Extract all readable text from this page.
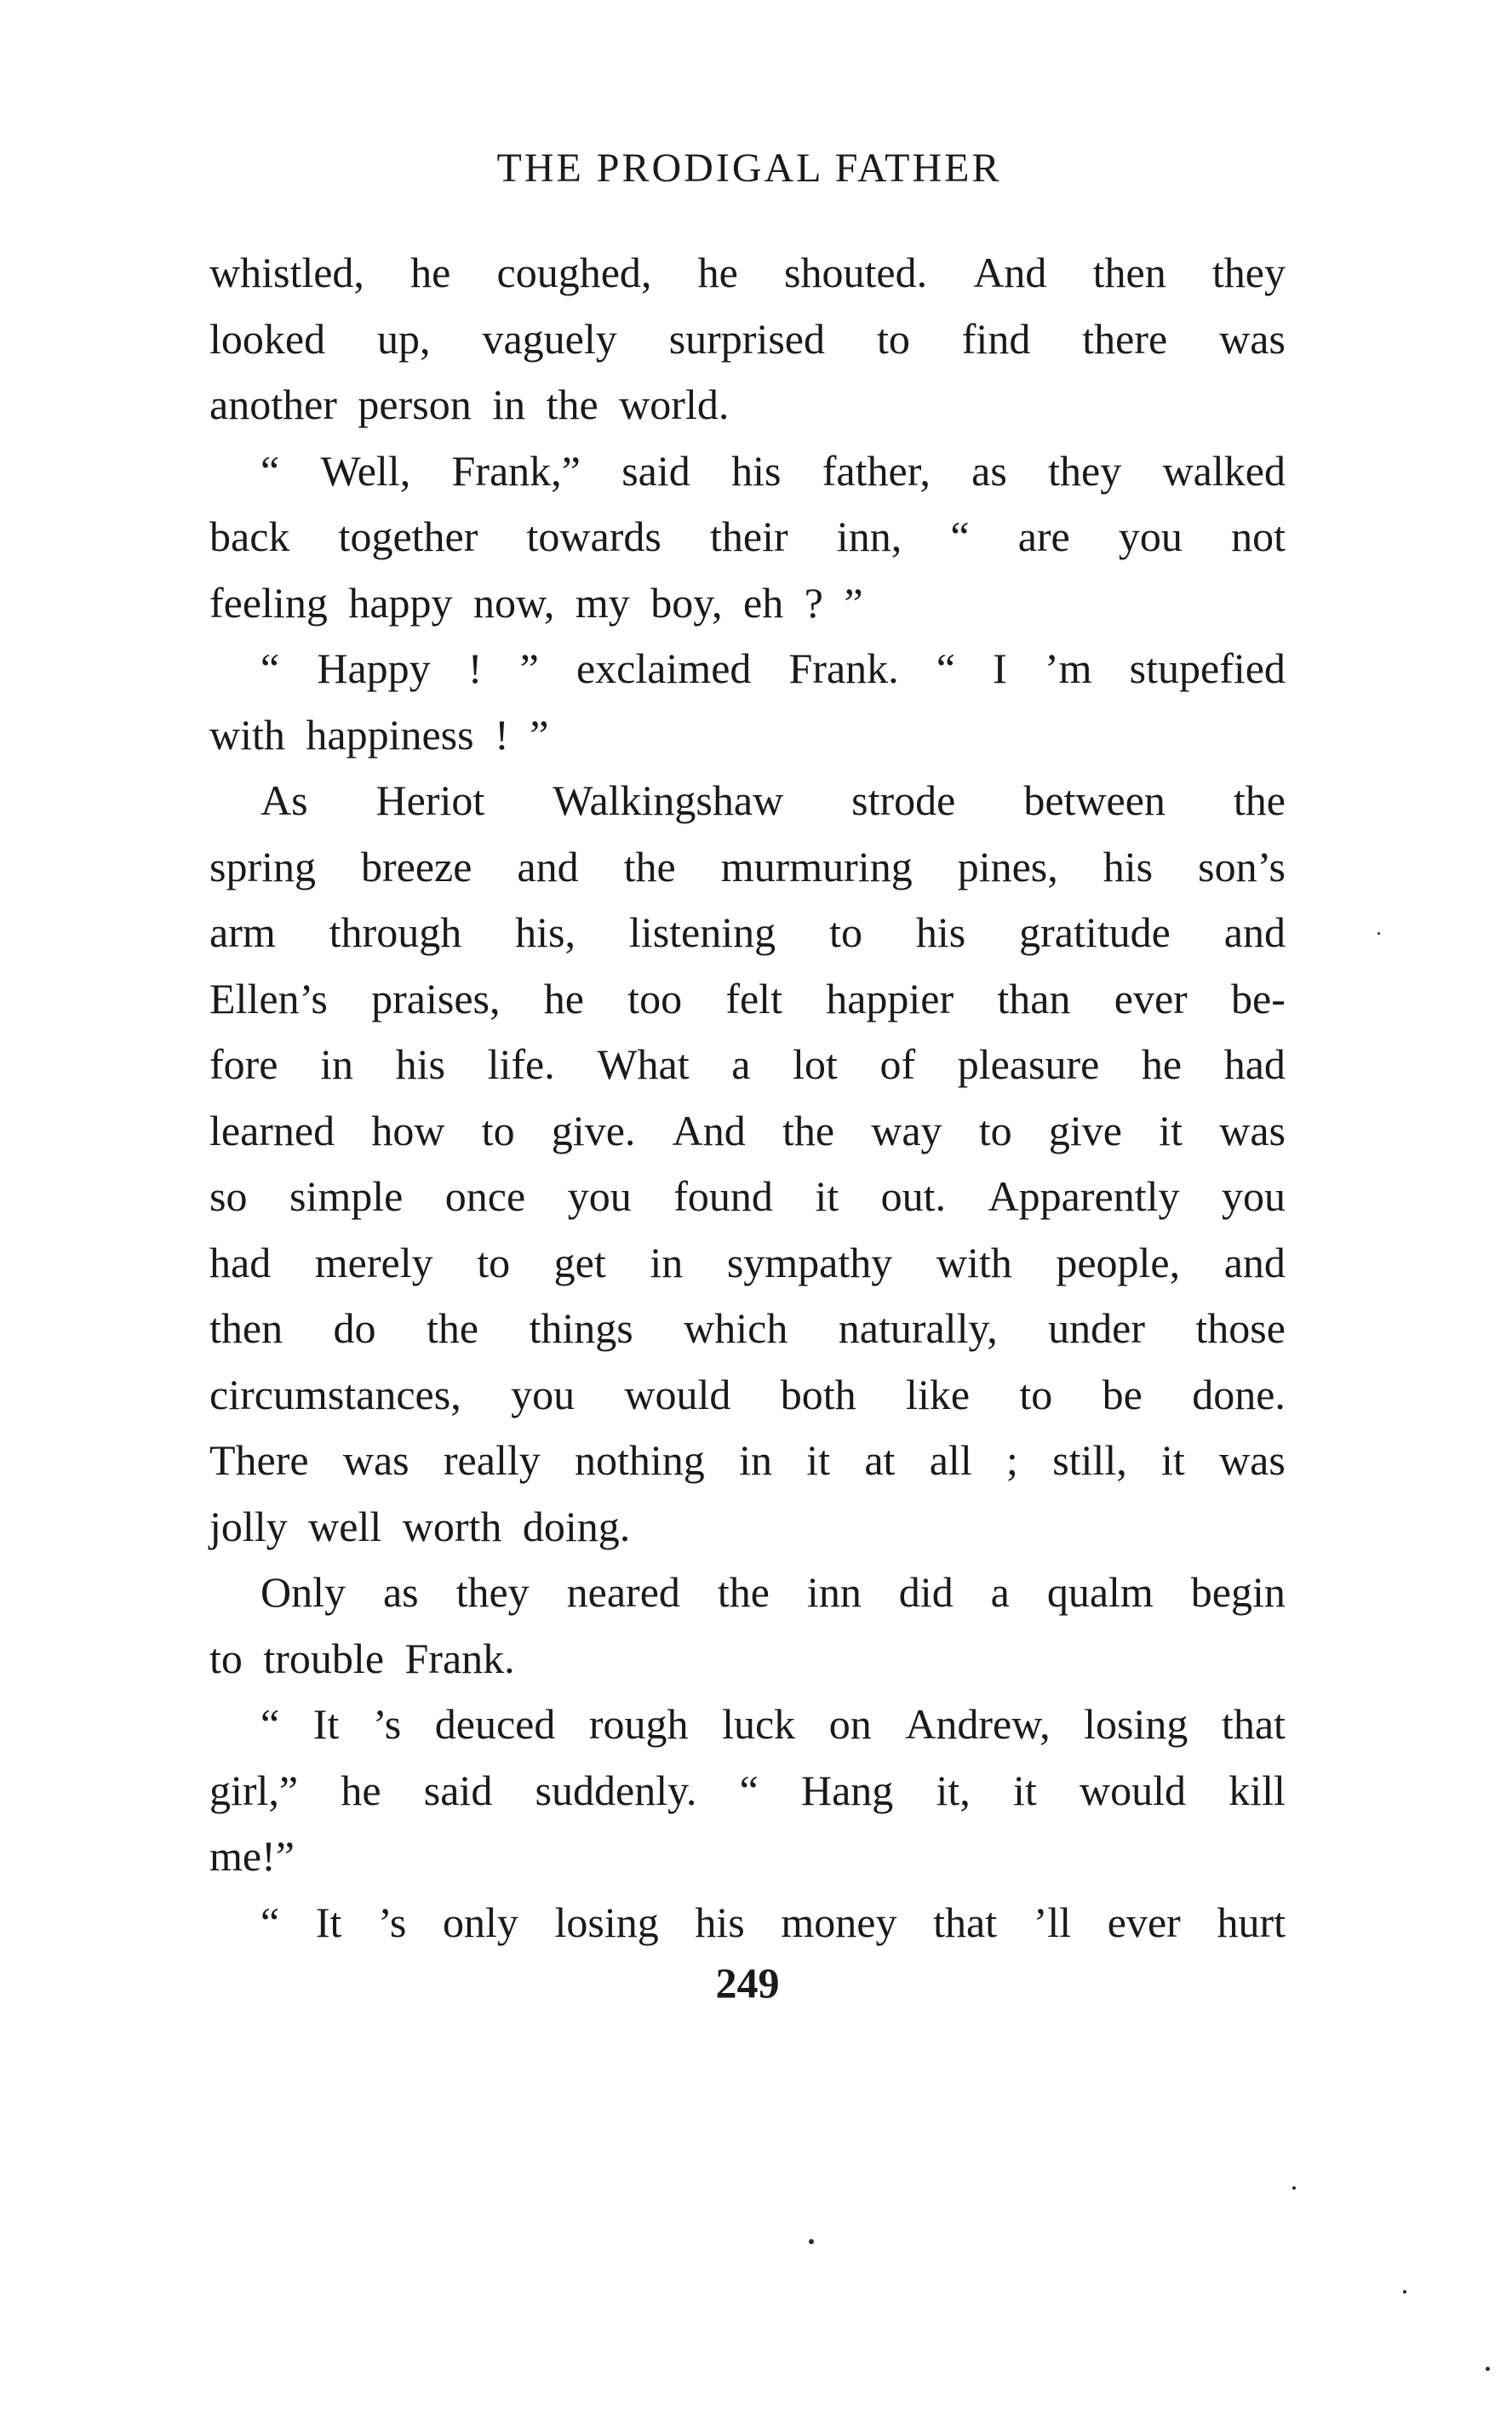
THE PRODIGAL FATHER
whistled, he coughed, he shouted. And then they
looked up, vaguely surprised to find there was
another person in the world.
“ Well, Frank,” said his father, as they walked
back together towards their inn, “ are you not
feeling happy now, my boy, eh ? ”
“ Happy ! ” exclaimed Frank. “ I ’m stupefied
with happiness ! ”
As Heriot Walkingshaw strode between the
spring breeze and the murmuring pines, his son’s
arm through his, listening to his gratitude and
Ellen’s praises, he too felt happier than ever be-
fore in his life. What a lot of pleasure he had
learned how to give. And the way to give it was
so simple once you found it out. Apparently you
had merely to get in sympathy with people, and
then do the things which naturally, under those
circumstances, you would both like to be done.
There was really nothing in it at all ; still, it was
jolly well worth doing.
Only as they neared the inn did a qualm begin
to trouble Frank.
“ It ’s deuced rough luck on Andrew, losing that
girl,” he said suddenly. “ Hang it, it would kill
me!”
“ It ’s only losing his money that ’ll ever hurt
249
